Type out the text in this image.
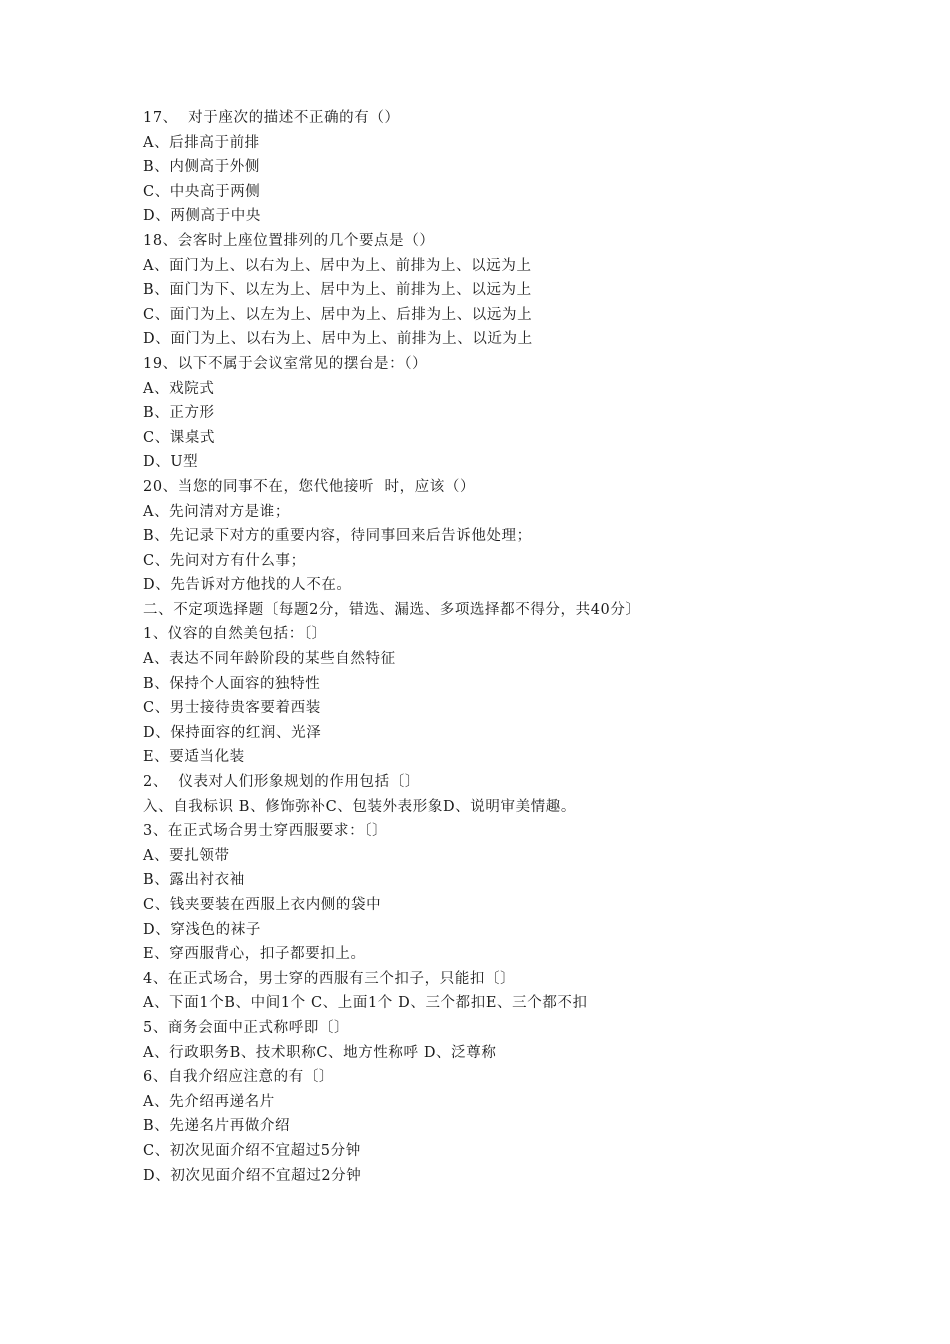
17、  对于座次的描述不正确的有（）
A、后排高于前排
B、内侧高于外侧
C、中央高于两侧
D、两侧高于中央
18、会客时上座位置排列的几个要点是（）
A、面门为上、以右为上、居中为上、前排为上、以远为上
B、面门为下、以左为上、居中为上、前排为上、以远为上
C、面门为上、以左为上、居中为上、后排为上、以远为上
D、面门为上、以右为上、居中为上、前排为上、以近为上
19、以下不属于会议室常见的摆台是：（）
A、戏院式
B、正方形
C、课桌式
D、U型
20、当您的同事不在，您代他接听  时，应该（）
A、先问清对方是谁；
B、先记录下对方的重要内容，待同事回来后告诉他处理；
C、先问对方有什么事；
D、先告诉对方他找的人不在。
二、不定项选择题〔每题2分，错选、漏选、多项选择都不得分，共40分〕
1、仪容的自然美包括：〔〕
A、表达不同年龄阶段的某些自然特征
B、保持个人面容的独特性
C、男士接待贵客要着西装
D、保持面容的红润、光泽
E、要适当化装
2、  仪表对人们形象规划的作用包括〔〕
入、自我标识 B、修饰弥补C、包装外表形象D、说明审美情趣。
3、在正式场合男士穿西服要求：〔〕
A、要扎领带
B、露出衬衣袖
C、钱夹要装在西服上衣内侧的袋中
D、穿浅色的袜子
E、穿西服背心，扣子都要扣上。
4、在正式场合，男士穿的西服有三个扣子，只能扣〔〕
A、下面1个B、中间1个 C、上面1个 D、三个都扣E、三个都不扣
5、商务会面中正式称呼即〔〕
A、行政职务B、技术职称C、地方性称呼 D、泛尊称
6、自我介绍应注意的有〔〕
A、先介绍再递名片
B、先递名片再做介绍
C、初次见面介绍不宜超过5分钟
D、初次见面介绍不宜超过2分钟
